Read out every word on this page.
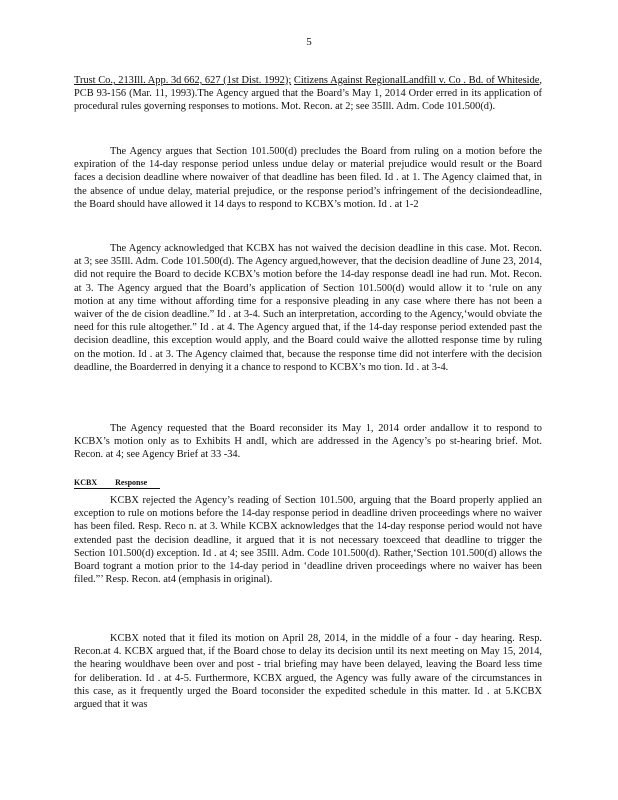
5

Trust Co., 213Ill. App. 3d 662, 627 (1st Dist. 1992); Citizens Against RegionalLandfill v. Co . Bd. of Whiteside, PCB 93-156 (Mar. 11, 1993).The Agency argued that the Board’s May 1, 2014 Order erred in its application of procedural rules governing responses to motions. Mot. Recon. at 2; see 35Ill. Adm. Code 101.500(d).

The Agency argues that Section 101.500(d) precludes the Board from ruling on a motion before the expiration of the 14-day response period unless undue delay or material prejudice would result or the Board faces a decision deadline where nowaiver of that deadline has been filed. Id . at 1. The Agency claimed that, in the absence of undue delay, material prejudice, or the response period’s infringement of the decisiondeadline, the Board should have allowed it 14 days to respond to KCBX’s motion. Id . at 1-2

The Agency acknowledged that KCBX has not waived the decision deadline in this case. Mot. Recon. at 3; see 35Ill. Adm. Code 101.500(d). The Agency argued,however, that the decision deadline of June 23, 2014, did not require the Board to decide KCBX’s motion before the 14-day response deadl ine had run. Mot. Recon. at 3. The Agency argued that the Board’s application of Section 101.500(d) would allow it to ‘rule on any motion at any time without affording time for a responsive pleading in any case where there has not been a waiver of the de cision deadline.” Id . at 3-4. Such an interpretation, according to the Agency,‘would obviate the need for this rule altogether.” Id . at 4. The Agency argued that, if the 14-day response period extended past the decision deadline, this exception would apply, and the Board could waive the allotted response time by ruling on the motion. Id . at 3. The Agency claimed that, because the response time did not interfere with the decision deadline, the Boarderred in denying it a chance to respond to KCBX’s mo tion. Id . at 3-4.

The Agency requested that the Board reconsider its May 1, 2014 order andallow it to respond to KCBX’s motion only as to Exhibits H andI, which are addressed in the Agency’s po st-hearing brief. Mot. Recon. at 4; see Agency Brief at 33 -34.

KCBX Response

KCBX rejected the Agency’s reading of Section 101.500, arguing that the Board properly applied an exception to rule on motions before the 14-day response period in deadline driven proceedings where no waiver has been filed. Resp. Reco n. at 3. While KCBX acknowledges that the 14-day response period would not have extended past the decision deadline, it argued that it is not necessary toexceed that deadline to trigger the Section 101.500(d) exception. Id . at 4; see 35Ill. Adm. Code 101.500(d). Rather,‘Section 101.500(d) allows the Board togrant a motion prior to the 14-day period in ‘deadline driven proceedings where no waiver has been filed.”’ Resp. Recon. at4 (emphasis in original).

KCBX noted that it filed its motion on April 28, 2014, in the middle of a four - day hearing. Resp. Recon.at 4. KCBX argued that, if the Board chose to delay its decision until its next meeting on May 15, 2014, the hearing wouldhave been over and post - trial briefing may have been delayed, leaving the Board less time for deliberation. Id . at 4-5. Furthermore, KCBX argued, the Agency was fully aware of the circumstances in this case, as it frequently urged the Board toconsider the expedited schedule in this matter. Id . at 5.KCBX argued that it was
